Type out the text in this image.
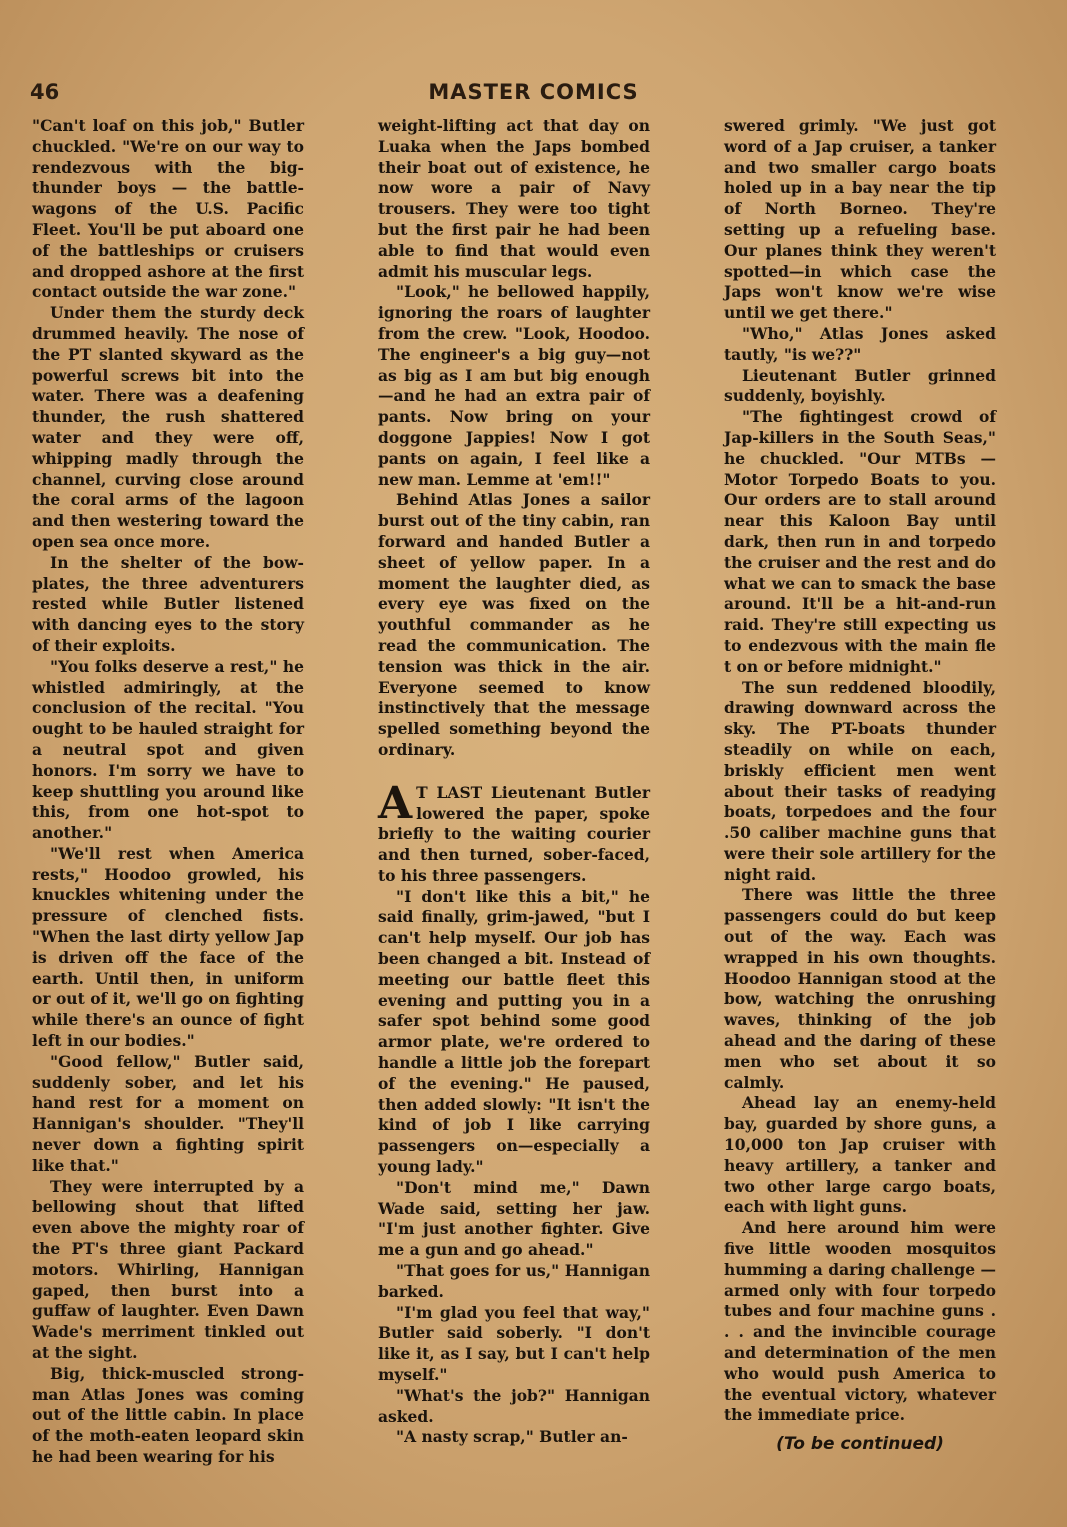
46	MASTER COMICS

"Can't loaf on this job," Butler chuckled. "We're on our way to rendezvous with the big-thunder boys — the battle-wagons of the U.S. Pacific Fleet. You'll be put aboard one of the battleships or cruisers and dropped ashore at the first contact outside the war zone."

Under them the sturdy deck drummed heavily. The nose of the PT slanted skyward as the powerful screws bit into the water. There was a deafening thunder, the rush shattered water and they were off, whipping madly through the channel, curving close around the coral arms of the lagoon and then westering toward the open sea once more.

In the shelter of the bow-plates, the three adventurers rested while Butler listened with dancing eyes to the story of their exploits.

"You folks deserve a rest," he whistled admiringly, at the conclusion of the recital. "You ought to be hauled straight for a neutral spot and given honors. I'm sorry we have to keep shuttling you around like this, from one hot-spot to another."

"We'll rest when America rests," Hoodoo growled, his knuckles whitening under the pressure of clenched fists. "When the last dirty yellow Jap is driven off the face of the earth. Until then, in uniform or out of it, we'll go on fighting while there's an ounce of fight left in our bodies."

"Good fellow," Butler said, suddenly sober, and let his hand rest for a moment on Hannigan's shoulder. "They'll never down a fighting spirit like that."

They were interrupted by a bellowing shout that lifted even above the mighty roar of the PT's three giant Packard motors. Whirling, Hannigan gaped, then burst into a guffaw of laughter. Even Dawn Wade's merriment tinkled out at the sight.

Big, thick-muscled strong-man Atlas Jones was coming out of the little cabin. In place of the moth-eaten leopard skin he had been wearing for his

weight-lifting act that day on Luaka when the Japs bombed their boat out of existence, he now wore a pair of Navy trousers. They were too tight but the first pair he had been able to find that would even admit his muscular legs.

"Look," he bellowed happily, ignoring the roars of laughter from the crew. "Look, Hoodoo. The engineer's a big guy—not as big as I am but big enough—and he had an extra pair of pants. Now bring on your doggone Jappies! Now I got pants on again, I feel like a new man. Lemme at 'em!!"

Behind Atlas Jones a sailor burst out of the tiny cabin, ran forward and handed Butler a sheet of yellow paper. In a moment the laughter died, as every eye was fixed on the youthful commander as he read the communication. The tension was thick in the air. Everyone seemed to know instinctively that the message spelled something beyond the ordinary.

A T LAST Lieutenant Butler lowered the paper, spoke briefly to the waiting courier and then turned, sober-faced, to his three passengers.

"I don't like this a bit," he said finally, grim-jawed, "but I can't help myself. Our job has been changed a bit. Instead of meeting our battle fleet this evening and putting you in a safer spot behind some good armor plate, we're ordered to handle a little job the forepart of the evening." He paused, then added slowly: "It isn't the kind of job I like carrying passengers on—especially a young lady."

"Don't mind me," Dawn Wade said, setting her jaw. "I'm just another fighter. Give me a gun and go ahead."

"That goes for us," Hannigan barked.

"I'm glad you feel that way," Butler said soberly. "I don't like it, as I say, but I can't help myself."

"What's the job?" Hannigan asked.

"A nasty scrap," Butler an-

swered grimly. "We just got word of a Jap cruiser, a tanker and two smaller cargo boats holed up in a bay near the tip of North Borneo. They're setting up a refueling base. Our planes think they weren't spotted—in which case the Japs won't know we're wise until we get there."

"Who," Atlas Jones asked tautly, "is we??"

Lieutenant Butler grinned suddenly, boyishly.

"The fightingest crowd of Jap-killers in the South Seas," he chuckled. "Our MTBs — Motor Torpedo Boats to you. Our orders are to stall around near this Kaloon Bay until dark, then run in and torpedo the cruiser and the rest and do what we can to smack the base around. It'll be a hit-and-run raid. They're still expecting us to endezvous with the main fle t on or before midnight."

The sun reddened bloodily, drawing downward across the sky. The PT-boats thunder steadily on while on each, briskly efficient men went about their tasks of readying boats, torpedoes and the four .50 caliber machine guns that were their sole artillery for the night raid.

There was little the three passengers could do but keep out of the way. Each was wrapped in his own thoughts. Hoodoo Hannigan stood at the bow, watching the onrushing waves, thinking of the job ahead and the daring of these men who set about it so calmly.

Ahead lay an enemy-held bay, guarded by shore guns, a 10,000 ton Jap cruiser with heavy artillery, a tanker and two other large cargo boats, each with light guns.

And here around him were five little wooden mosquitos humming a daring challenge —armed only with four torpedo tubes and four machine guns . . . and the invincible courage and determination of the men who would push America to the eventual victory, whatever the immediate price.

(To be continued)
